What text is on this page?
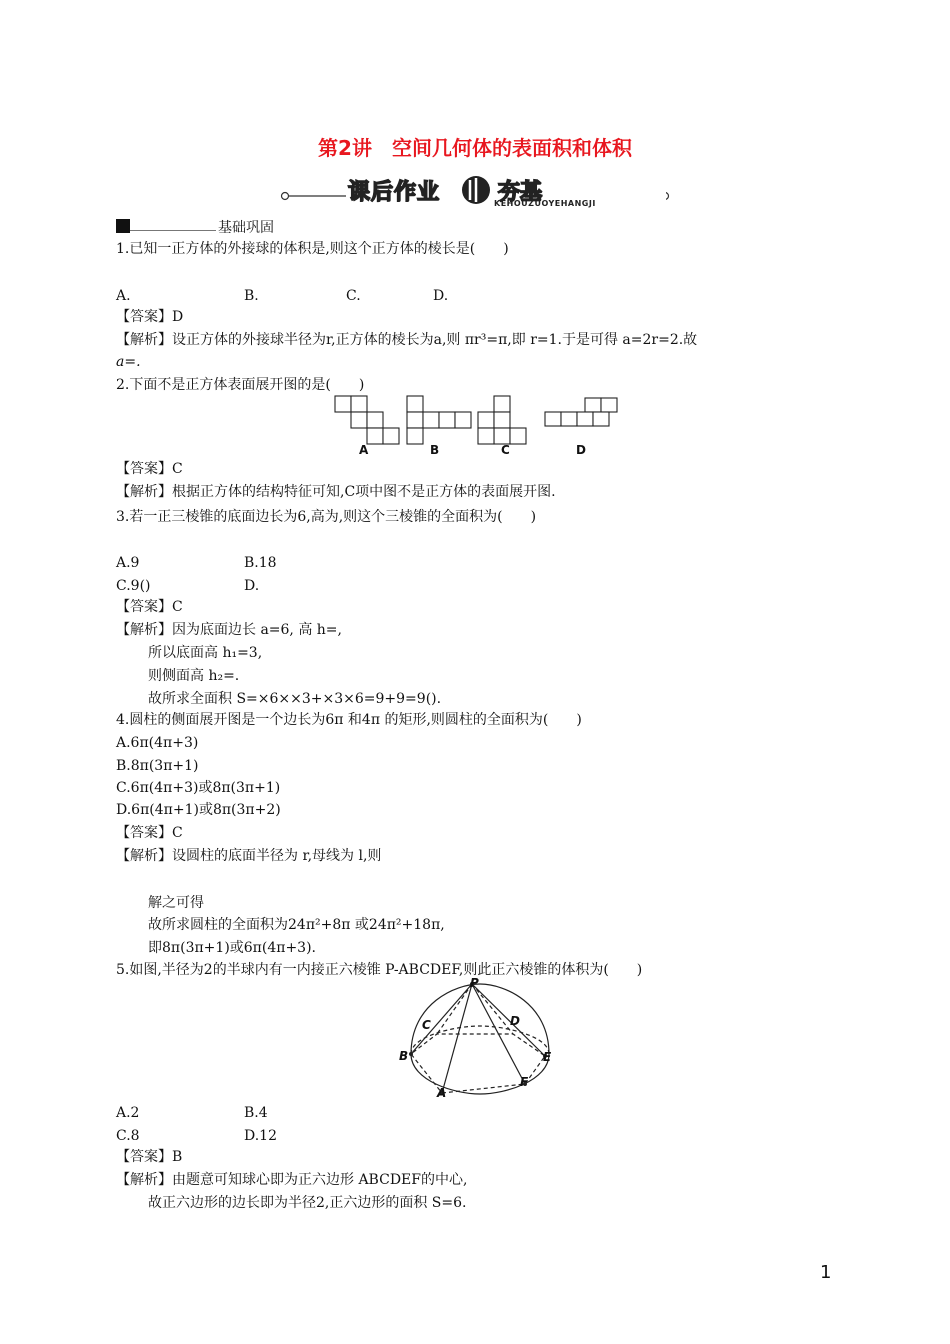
第2讲　空间几何体的表面积和体积
课后作业	夯基
KEHOUZUOYEHANGJI
基础巩固
1.已知一正方体的外接球的体积是,则这个正方体的棱长是(　　)
A.	B.	C.	D.
【答案】D
【解析】设正方体的外接球半径为r,正方体的棱长为a,则 πr³=π,即 r=1.于是可得 a=2r=2.故
a=.
2.下面不是正方体表面展开图的是(　　)
A	B	C	D
【答案】C
【解析】根据正方体的结构特征可知,C项中图不是正方体的表面展开图.
3.若一正三棱锥的底面边长为6,高为,则这个三棱锥的全面积为(　　)
A.9	B.18
C.9()	D.
【答案】C
【解析】因为底面边长 a=6, 高 h=,
所以底面高 h₁=3,
则侧面高 h₂=.
故所求全面积 S=×6××3+×3×6=9+9=9().
4.圆柱的侧面展开图是一个边长为6π 和4π 的矩形,则圆柱的全面积为(　　)
A.6π(4π+3)
B.8π(3π+1)
C.6π(4π+3)或8π(3π+1)
D.6π(4π+1)或8π(3π+2)
【答案】C
【解析】设圆柱的底面半径为 r,母线为 l,则
解之可得
故所求圆柱的全面积为24π²+8π 或24π²+18π,
即8π(3π+1)或6π(4π+3).
5.如图,半径为2的半球内有一内接正六棱锥 P-ABCDEF,则此正六棱锥的体积为(　　)
P
C	D
B	E
F
A
A.2	B.4
C.8	D.12
【答案】B
【解析】由题意可知球心即为正六边形 ABCDEF的中心,
故正六边形的边长即为半径2,正六边形的面积 S=6.
1
